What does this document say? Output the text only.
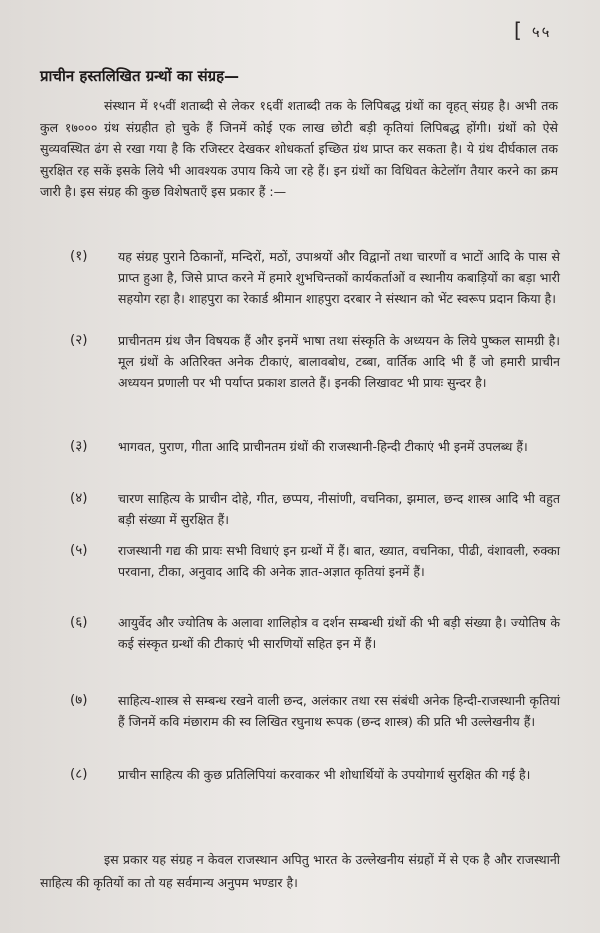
[ ५५
प्राचीन हस्तलिखित ग्रन्थों का संग्रह—

संस्थान में १५वीं शताब्दी से लेकर १६वीं शताब्दी तक के लिपिबद्ध ग्रंथों का वृहत् संग्रह है। अभी तक कुल १७००० ग्रंथ संग्रहीत हो चुके हैं जिनमें कोई एक लाख छोटी बड़ी कृतियां लिपिबद्ध होंगी। ग्रंथों को ऐसे सुव्यवस्थित ढंग से रखा गया है कि रजिस्टर देखकर शोधकर्ता इच्छित ग्रंथ प्राप्त कर सकता है। ये ग्रंथ दीर्घकाल तक सुरक्षित रह सकें इसके लिये भी आवश्यक उपाय किये जा रहे हैं। इन ग्रंथों का विधिवत केटेलॉग तैयार करने का क्रम जारी है। इस संग्रह की कुछ विशेषताएँ इस प्रकार हैं :—

(१)	यह संग्रह पुराने ठिकानों, मन्दिरों, मठों, उपाश्रयों और विद्वानों तथा चारणों व भाटों आदि के पास से प्राप्त हुआ है, जिसे प्राप्त करने में हमारे शुभचिन्तकों कार्यकर्ताओं व स्थानीय कबाड़ियों का बड़ा भारी सहयोग रहा है। शाहपुरा का रेकार्ड श्रीमान शाहपुरा दरबार ने संस्थान को भेंट स्वरूप प्रदान किया है।
(२)	प्राचीनतम ग्रंथ जैन विषयक हैं और इनमें भाषा तथा संस्कृति के अध्ययन के लिये पुष्कल सामग्री है। मूल ग्रंथों के अतिरिक्त अनेक टीकाएं, बालावबोध, टब्बा, वार्तिक आदि भी हैं जो हमारी प्राचीन अध्ययन प्रणाली पर भी पर्याप्त प्रकाश डालते हैं। इनकी लिखावट भी प्रायः सुन्दर है।
(३)	भागवत, पुराण, गीता आदि प्राचीनतम ग्रंथों की राजस्थानी-हिन्दी टीकाएं भी इनमें उपलब्ध हैं।
(४)	चारण साहित्य के प्राचीन दोहे, गीत, छप्पय, नीसांणी, वचनिका, झमाल, छन्द शास्त्र आदि भी वहुत बड़ी संख्या में सुरक्षित हैं।
(५)	राजस्थानी गद्य की प्रायः सभी विधाएं इन ग्रन्थों में हैं। बात, ख्यात, वचनिका, पीढी, वंशावली, रुक्का परवाना, टीका, अनुवाद आदि की अनेक ज्ञात-अज्ञात कृतियां इनमें हैं।
(६)	आयुर्वेद और ज्योतिष के अलावा शालिहोत्र व दर्शन सम्बन्धी ग्रंथों की भी बड़ी संख्या है। ज्योतिष के कई संस्कृत ग्रन्थों की टीकाएं भी सारणियों सहित इन में हैं।
(७)	साहित्य-शास्त्र से सम्बन्ध रखने वाली छन्द, अलंकार तथा रस संबंधी अनेक हिन्दी-राजस्थानी कृतियां हैं जिनमें कवि मंछाराम की स्व लिखित रघुनाथ रूपक (छन्द शास्त्र) की प्रति भी उल्लेखनीय हैं।
(८)	प्राचीन साहित्य की कुछ प्रतिलिपियां करवाकर भी शोधार्थियों के उपयोगार्थ सुरक्षित की गई है।

इस प्रकार यह संग्रह न केवल राजस्थान अपितु भारत के उल्लेखनीय संग्रहों में से एक है और राजस्थानी साहित्य की कृतियों का तो यह सर्वमान्य अनुपम भण्डार है।
